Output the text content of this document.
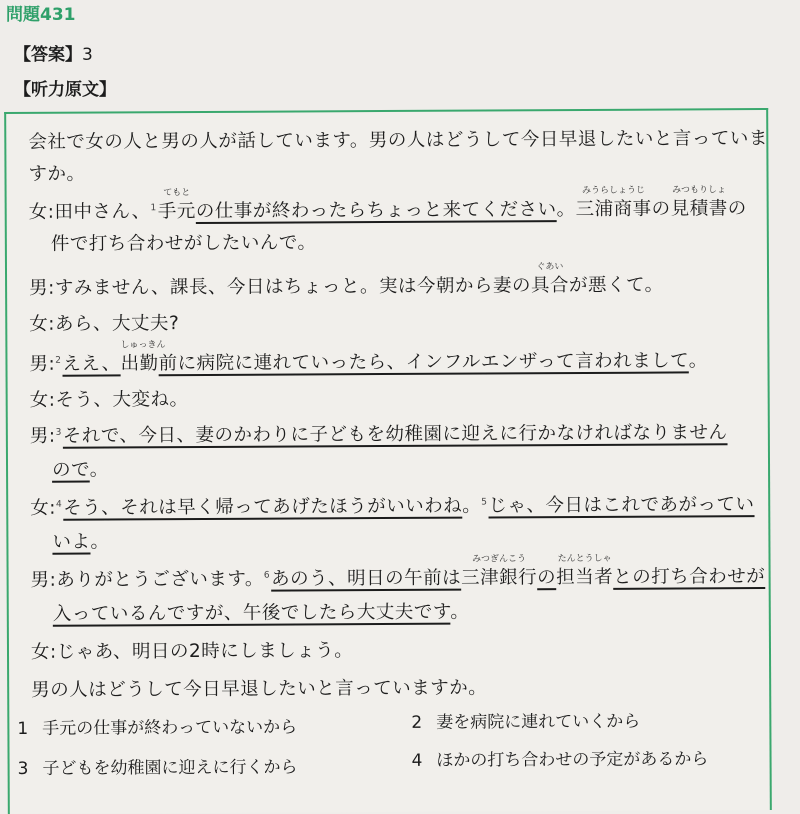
問題431
【答案】3
【听力原文】
会社で女の人と男の人が話しています。男の人はどうして今日早退したいと言っていま
すか。
女:田中さん、$^1$
てもと
手元の仕事が終わったらちょっと来てください。
みうらしょうじ
三浦商事の
みつもりしょ
見積書の
件で打ち合わせがしたいんで。
男:すみません、課長、今日はちょっと。実は今朝から妻の
ぐあい
具合が悪くて。
女:あら、大丈夫?
男:$^2$ええ、
しゅっきん
出勤前に病院に連れていったら、インフルエンザって言われまして。
女:そう、大変ね。
男:$^3$それで、今日、妻のかわりに子どもを幼稚園に迎えに行かなければなりません
ので。
女:$^4$そう、それは早く帰ってあげたほうがいいわね。$^5$じゃ、今日はこれであがってい
いよ。
男:ありがとうございます。$^6$あのう、明日の午前は
みつぎんこう
三津銀行の
たんとうしゃ
担当者との打ち合わせが
入っているんですが、午後でしたら大丈夫です。
女:じゃあ、明日の2時にしましょう。
男の人はどうして今日早退したいと言っていますか。
1 手元の仕事が終わっていないから	2 妻を病院に連れていくから
3 子どもを幼稚園に迎えに行くから	4 ほかの打ち合わせの予定があるから
